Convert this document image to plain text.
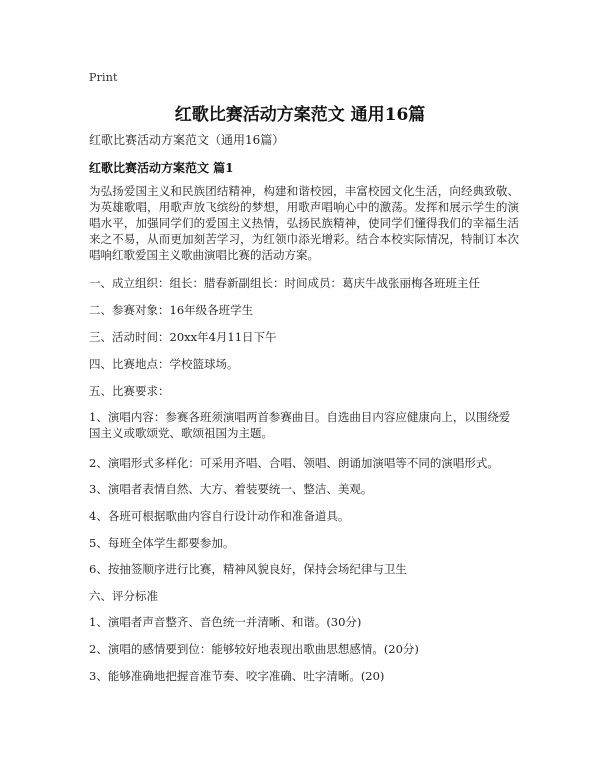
Print
红歌比赛活动方案范文 通用16篇
红歌比赛活动方案范文（通用16篇）
红歌比赛活动方案范文 篇1
为弘扬爱国主义和民族团结精神，构建和谐校园，丰富校园文化生活，向经典致敬、为英雄歌唱，用歌声放飞缤纷的梦想，用歌声唱响心中的激荡。发挥和展示学生的演唱水平，加强同学们的爱国主义热情，弘扬民族精神，使同学们懂得我们的幸福生活来之不易，从而更加刻苦学习，为红领巾添光增彩。结合本校实际情况，特制订本次唱响红歌爱国主义歌曲演唱比赛的活动方案。
一、成立组织：组长：腊春新副组长：时间成员：葛庆牛战张丽梅各班班主任
二、参赛对象：16年级各班学生
三、活动时间：20xx年4月11日下午
四、比赛地点：学校篮球场。
五、比赛要求：
1、演唱内容：参赛各班须演唱两首参赛曲目。自选曲目内容应健康向上，以围绕爱国主义或歌颂党、歌颂祖国为主题。
2、演唱形式多样化：可采用齐唱、合唱、领唱、朗诵加演唱等不同的演唱形式。
3、演唱者表情自然、大方、着装要统一、整洁、美观。
4、各班可根据歌曲内容自行设计动作和准备道具。
5、每班全体学生都要参加。
6、按抽签顺序进行比赛，精神风貌良好，保持会场纪律与卫生
六、评分标准
1、演唱者声音整齐、音色统一并清晰、和谐。(30分)
2、演唱的感情要到位：能够较好地表现出歌曲思想感情。(20分)
3、能够准确地把握音准节奏、咬字准确、吐字清晰。(20)
